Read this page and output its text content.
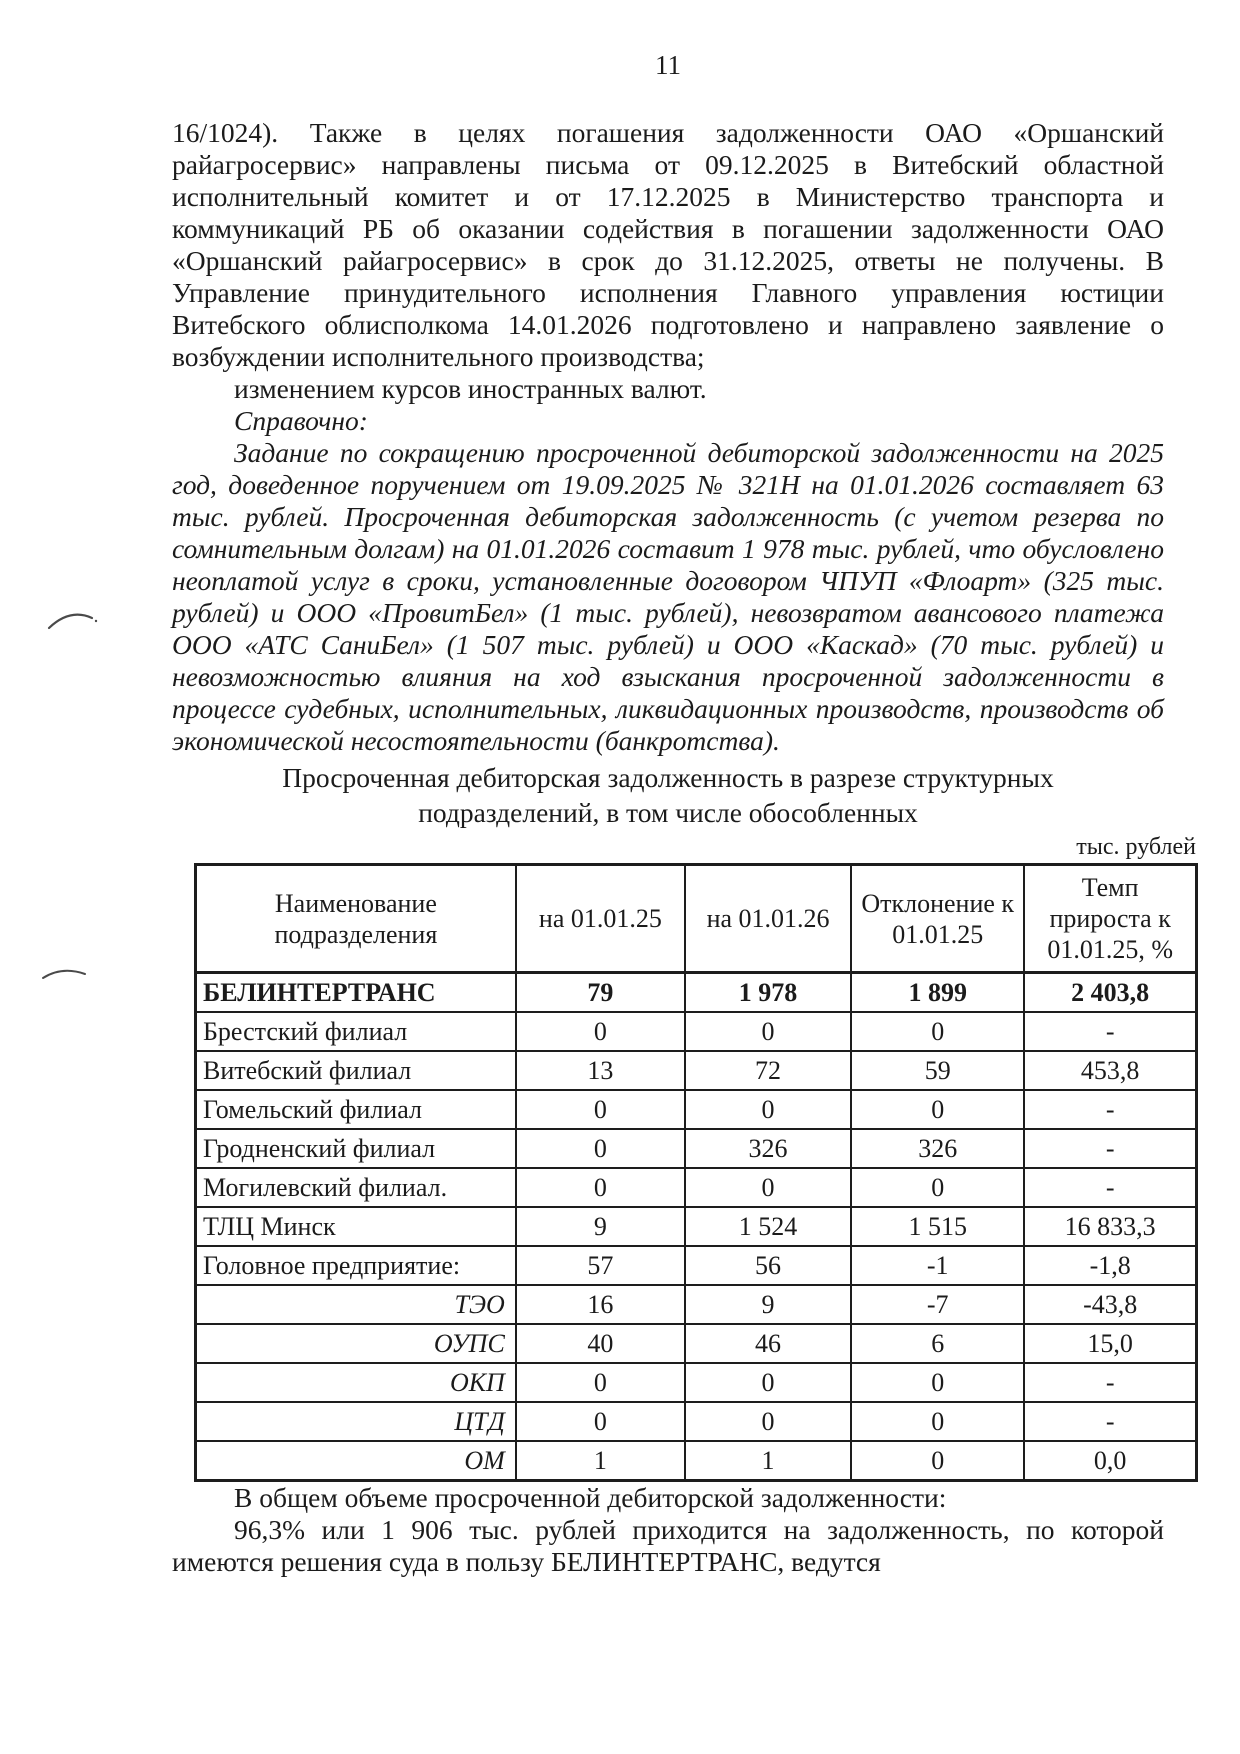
11

16/1024). Также в целях погашения задолженности ОАО «Оршанский райагросервис» направлены письма от 09.12.2025 в Витебский областной исполнительный комитет и от 17.12.2025 в Министерство транспорта и коммуникаций РБ об оказании содействия в погашении задолженности ОАО «Оршанский райагросервис» в срок до 31.12.2025, ответы не получены. В Управление принудительного исполнения Главного управления юстиции Витебского облисполкома 14.01.2026 подготовлено и направлено заявление о возбуждении исполнительного производства;

изменением курсов иностранных валют.

Справочно:

Задание по сокращению просроченной дебиторской задолженности на 2025 год, доведенное поручением от 19.09.2025 № 321Н на 01.01.2026 составляет 63 тыс. рублей. Просроченная дебиторская задолженность (с учетом резерва по сомнительным долгам) на 01.01.2026 составит 1 978 тыс. рублей, что обусловлено неоплатой услуг в сроки, установленные договором ЧПУП «Флоарт» (325 тыс. рублей) и ООО «ПровитБел» (1 тыс. рублей), невозвратом авансового платежа ООО «АТС СаниБел» (1 507 тыс. рублей) и ООО «Каскад» (70 тыс. рублей) и невозможностью влияния на ход взыскания просроченной задолженности в процессе судебных, исполнительных, ликвидационных производств, производств об экономической несостоятельности (банкротства).

Просроченная дебиторская задолженность в разрезе структурных подразделений, в том числе обособленных

тыс. рублей
Наименование подразделения	на 01.01.25	на 01.01.26	Отклонение к 01.01.25	Темп прироста к 01.01.25, %
БЕЛИНТЕРТРАНС	79	1 978	1 899	2 403,8
Брестский филиал	0	0	0	-
Витебский филиал	13	72	59	453,8
Гомельский филиал	0	0	0	-
Гродненский филиал	0	326	326	-
Могилевский филиал.	0	0	0	-
ТЛЦ Минск	9	1 524	1 515	16 833,3
Головное предприятие:	57	56	-1	-1,8
ТЭО	16	9	-7	-43,8
ОУПС	40	46	6	15,0
ОКП	0	0	0	-
ЦТД	0	0	0	-
ОМ	1	1	0	0,0

В общем объеме просроченной дебиторской задолженности:

96,3% или 1 906 тыс. рублей приходится на задолженность, по которой имеются решения суда в пользу БЕЛИНТЕРТРАНС, ведутся
